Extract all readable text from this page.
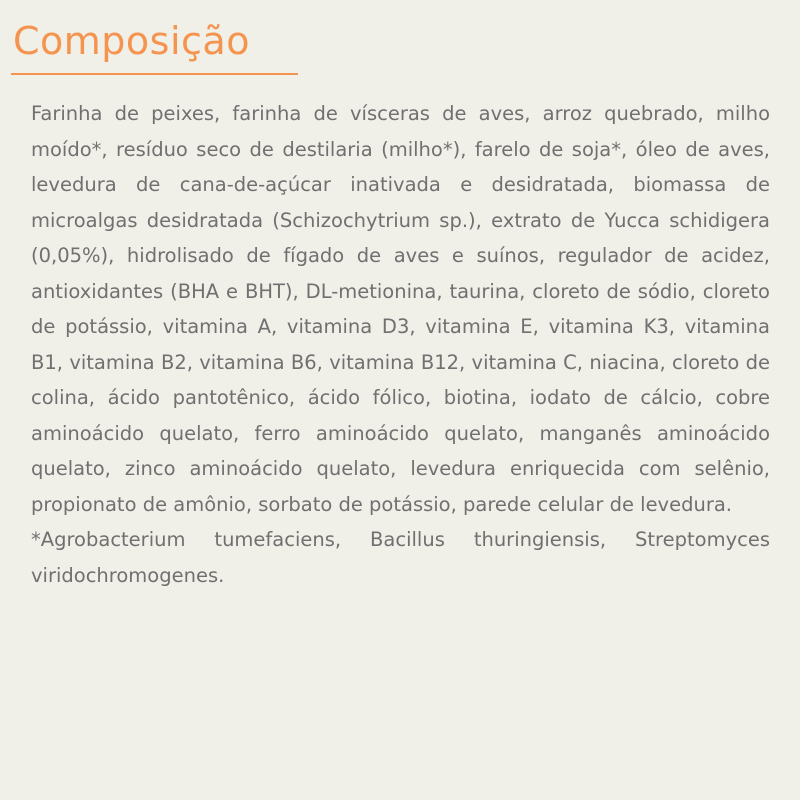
Composição

Farinha de peixes, farinha de vísceras de aves, arroz quebrado, milho moído*, resíduo seco de destilaria (milho*), farelo de soja*, óleo de aves, levedura de cana-de-açúcar inativada e desidratada, biomassa de microalgas desidratada (Schizochytrium sp.), extrato de Yucca schidigera (0,05%), hidrolisado de fígado de aves e suínos, regulador de acidez, antioxidantes (BHA e BHT), DL-metionina, taurina, cloreto de sódio, cloreto de potássio, vitamina A, vitamina D3, vitamina E, vitamina K3, vitamina B1, vitamina B2, vitamina B6, vitamina B12, vitamina C, niacina, cloreto de colina, ácido pantotênico, ácido fólico, biotina, iodato de cálcio, cobre aminoácido quelato, ferro aminoácido quelato, manganês aminoácido quelato, zinco aminoácido quelato, levedura enriquecida com selênio, propionato de amônio, sorbato de potássio, parede celular de levedura.

*Agrobacterium tumefaciens, Bacillus thuringiensis, Streptomyces viridochromogenes.
